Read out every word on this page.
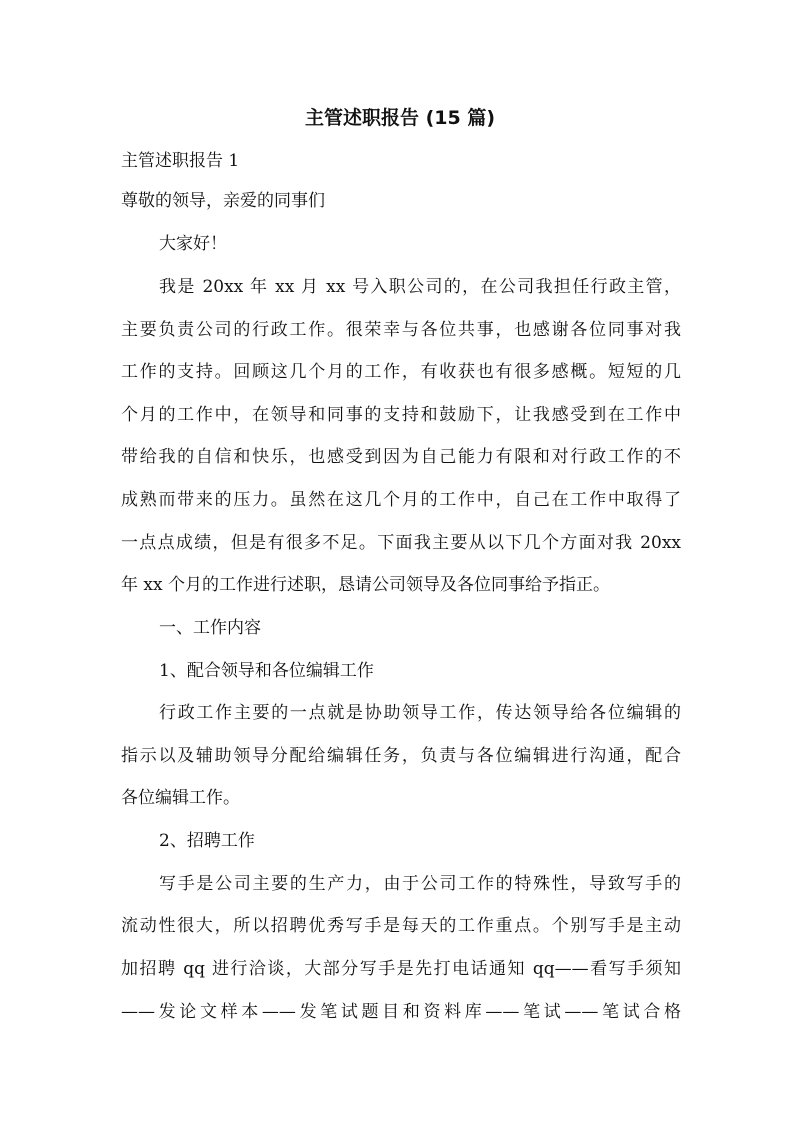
主管述职报告 (15 篇)
主管述职报告 1
尊敬的领导，亲爱的同事们
大家好！
我是 20xx 年 xx 月 xx 号入职公司的，在公司我担任行政主管，
主要负责公司的行政工作。很荣幸与各位共事，也感谢各位同事对我
工作的支持。回顾这几个月的工作，有收获也有很多感概。短短的几
个月的工作中，在领导和同事的支持和鼓励下，让我感受到在工作中
带给我的自信和快乐，也感受到因为自己能力有限和对行政工作的不
成熟而带来的压力。虽然在这几个月的工作中，自己在工作中取得了
一点点成绩，但是有很多不足。下面我主要从以下几个方面对我 20xx
年 xx 个月的工作进行述职，恳请公司领导及各位同事给予指正。
一、工作内容
1、配合领导和各位编辑工作
行政工作主要的一点就是协助领导工作，传达领导给各位编辑的
指示以及辅助领导分配给编辑任务，负责与各位编辑进行沟通，配合
各位编辑工作。
2、招聘工作
写手是公司主要的生产力，由于公司工作的特殊性，导致写手的
流动性很大，所以招聘优秀写手是每天的工作重点。个别写手是主动
加招聘 qq 进行洽谈，大部分写手是先打电话通知 qq——看写手须知
——发论文样本——发笔试题目和资料库——笔试——笔试合格
